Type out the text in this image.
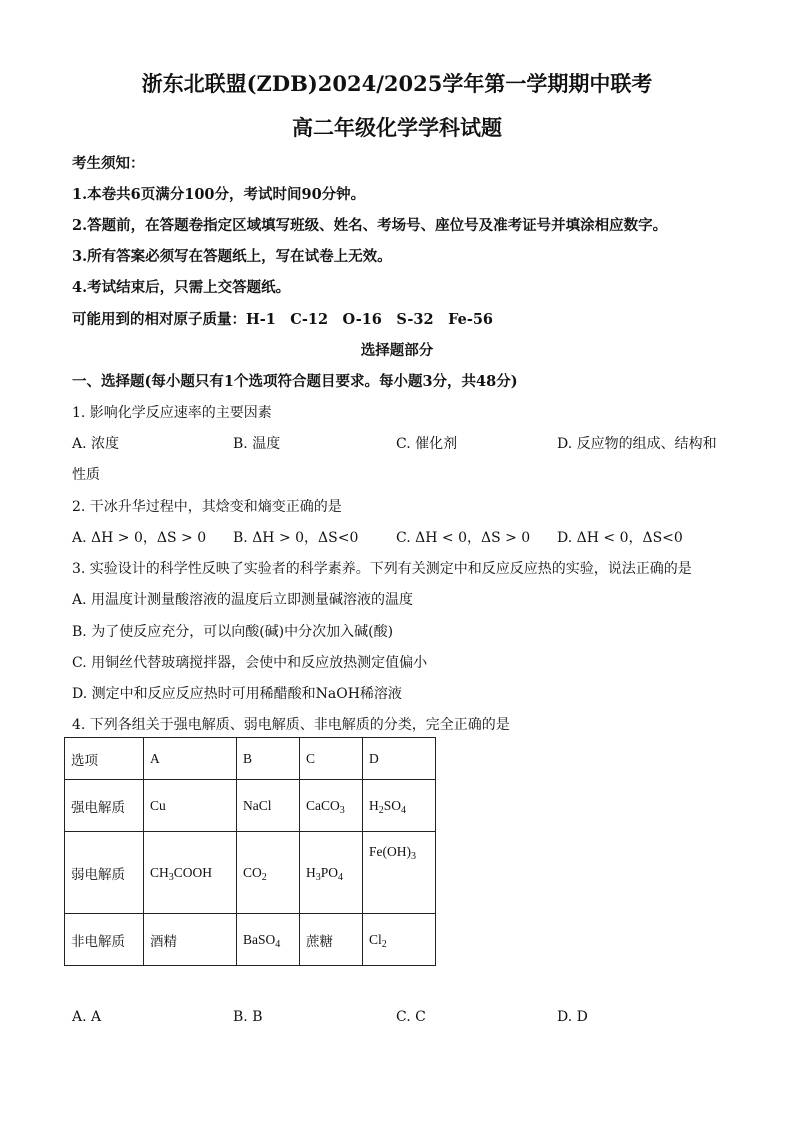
浙东北联盟(ZDB)2024/2025学年第一学期期中联考
高二年级化学学科试题
考生须知：
1.本卷共6页满分100分，考试时间90分钟。
2.答题前，在答题卷指定区域填写班级、姓名、考场号、座位号及准考证号并填涂相应数字。
3.所有答案必须写在答题纸上，写在试卷上无效。
4.考试结束后，只需上交答题纸。
可能用到的相对原子质量：H-1　C-12　O-16　S-32　Fe-56
选择题部分
一、选择题(每小题只有1个选项符合题目要求。每小题3分，共48分)
1. 影响化学反应速率的主要因素
A. 浓度	B. 温度	C. 催化剂	D. 反应物的组成、结构和
性质
2. 干冰升华过程中，其焓变和熵变正确的是
A. ΔH > 0，ΔS > 0 B. ΔH > 0，ΔS<0	C. ΔH < 0，ΔS > 0 D. ΔH < 0，ΔS<0
3. 实验设计的科学性反映了实验者的科学素养。下列有关测定中和反应反应热的实验，说法正确的是
A. 用温度计测量酸溶液的温度后立即测量碱溶液的温度
B. 为了使反应充分，可以向酸(碱)中分次加入碱(酸)
C. 用铜丝代替玻璃搅拌器，会使中和反应放热测定值偏小
D. 测定中和反应反应热时可用稀醋酸和NaOH稀溶液
4. 下列各组关于强电解质、弱电解质、非电解质的分类，完全正确的是
选项	A	B	C	D
强电解质	Cu	NaCl	CaCO$_3$	$H_2SO_4$
弱电解质	$CH_3COOH$	$CO_2$	$H_3PO_4$	$Fe(OH)_3$
非电解质	酒精	BaSO$_4$	蔗糖	$Cl_2$
A. A	B. B	C. C	D. D
